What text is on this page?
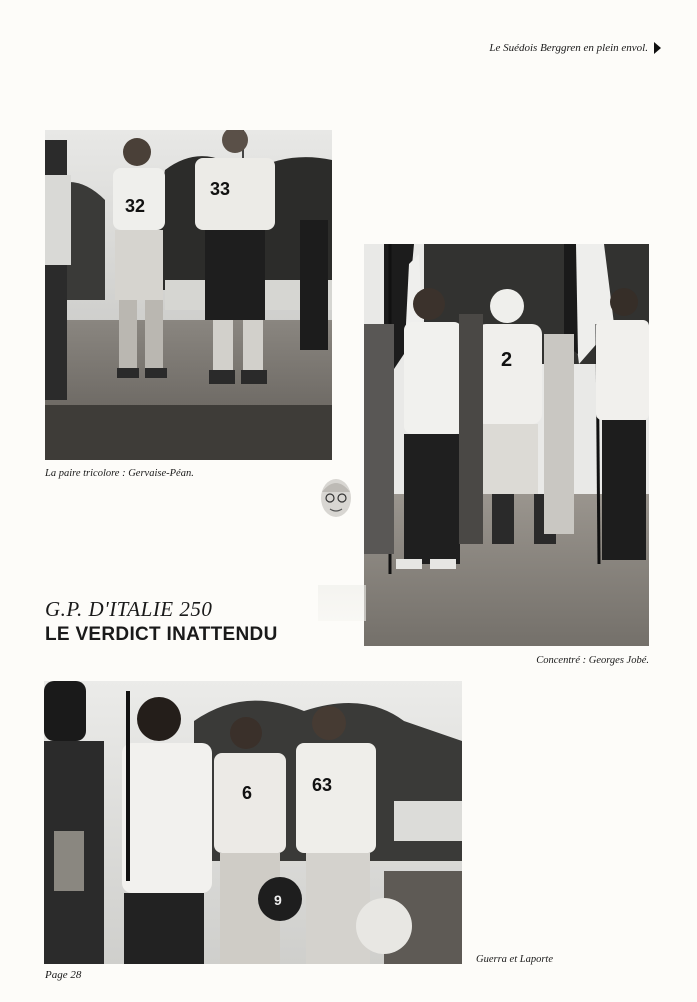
Le Suédois Berggren en plein envol.
32
33
La paire tricolore : Gervaise-Péan.
2
Concentré : Georges Jobé.
G.P. D'ITALIE 250
LE VERDICT INATTENDU
6
9
63
Guerra et Laporte
Page 28
